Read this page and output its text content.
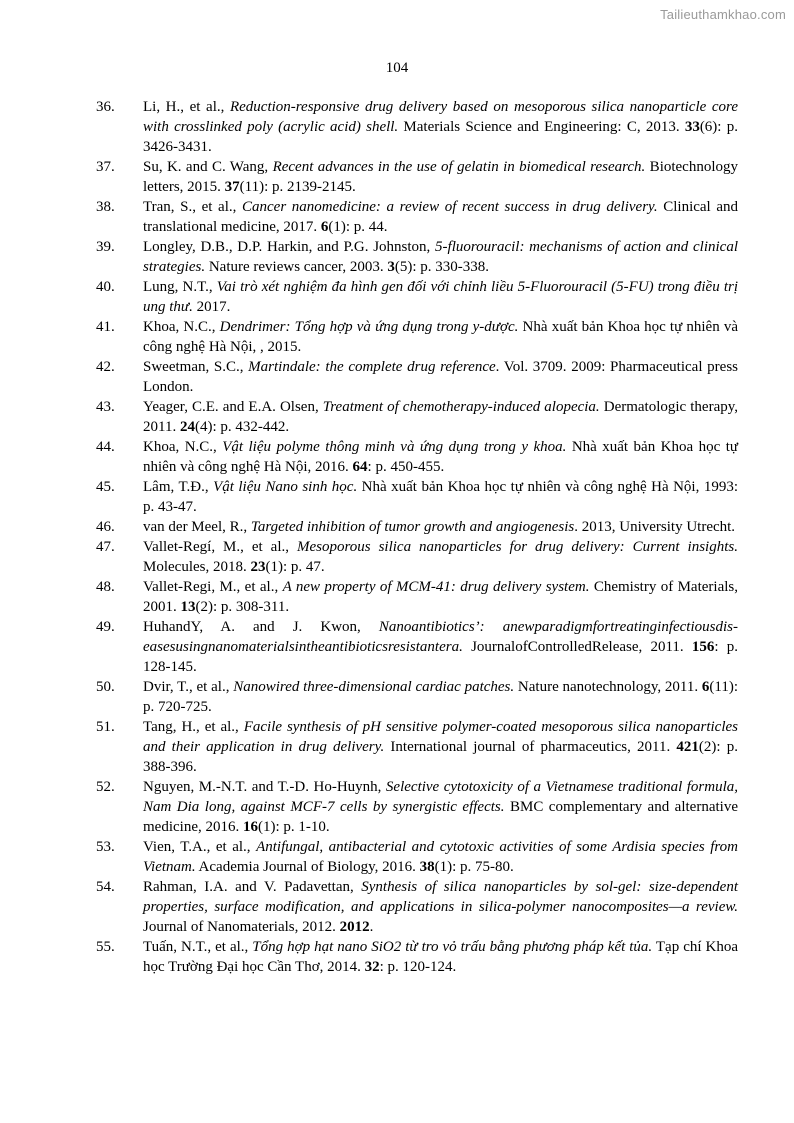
Tailieuthamkhao.com
104
36.	Li, H., et al., Reduction-responsive drug delivery based on mesoporous silica nanoparticle core with crosslinked poly (acrylic acid) shell. Materials Science and Engineering: C, 2013. 33(6): p. 3426-3431.
37.	Su, K. and C. Wang, Recent advances in the use of gelatin in biomedical research. Biotechnology letters, 2015. 37(11): p. 2139-2145.
38.	Tran, S., et al., Cancer nanomedicine: a review of recent success in drug delivery. Clinical and translational medicine, 2017. 6(1): p. 44.
39.	Longley, D.B., D.P. Harkin, and P.G. Johnston, 5-fluorouracil: mechanisms of action and clinical strategies. Nature reviews cancer, 2003. 3(5): p. 330-338.
40.	Lung, N.T., Vai trò xét nghiệm đa hình gen đối với chỉnh liều 5-Fluorouracil (5-FU) trong điều trị ung thư. 2017.
41.	Khoa, N.C., Dendrimer: Tổng hợp và ứng dụng trong y-dược. Nhà xuất bản Khoa học tự nhiên và công nghệ Hà Nội, , 2015.
42.	Sweetman, S.C., Martindale: the complete drug reference. Vol. 3709. 2009: Pharmaceutical press London.
43.	Yeager, C.E. and E.A. Olsen, Treatment of chemotherapy-induced alopecia. Dermatologic therapy, 2011. 24(4): p. 432-442.
44.	Khoa, N.C., Vật liệu polyme thông minh và ứng dụng trong y khoa. Nhà xuất bản Khoa học tự nhiên và công nghệ Hà Nội, 2016. 64: p. 450-455.
45.	Lâm, T.Đ., Vật liệu Nano sinh học. Nhà xuất bản Khoa học tự nhiên và công nghệ Hà Nội, 1993: p. 43-47.
46.	van der Meel, R., Targeted inhibition of tumor growth and angiogenesis. 2013, University Utrecht.
47.	Vallet-Regí, M., et al., Mesoporous silica nanoparticles for drug delivery: Current insights. Molecules, 2018. 23(1): p. 47.
48.	Vallet-Regi, M., et al., A new property of MCM-41: drug delivery system. Chemistry of Materials, 2001. 13(2): p. 308-311.
49.	HuhandY, A. and J. Kwon, Nanoantibiotics’: anewparadigmfortreatinginfectiousdis-easesusingnanomaterialsintheantibioticsresistantera. JournalofControlledRelease, 2011. 156: p. 128-145.
50.	Dvir, T., et al., Nanowired three-dimensional cardiac patches. Nature nanotechnology, 2011. 6(11): p. 720-725.
51.	Tang, H., et al., Facile synthesis of pH sensitive polymer-coated mesoporous silica nanoparticles and their application in drug delivery. International journal of pharmaceutics, 2011. 421(2): p. 388-396.
52.	Nguyen, M.-N.T. and T.-D. Ho-Huynh, Selective cytotoxicity of a Vietnamese traditional formula, Nam Dia long, against MCF-7 cells by synergistic effects. BMC complementary and alternative medicine, 2016. 16(1): p. 1-10.
53.	Vien, T.A., et al., Antifungal, antibacterial and cytotoxic activities of some Ardisia species from Vietnam. Academia Journal of Biology, 2016. 38(1): p. 75-80.
54.	Rahman, I.A. and V. Padavettan, Synthesis of silica nanoparticles by sol-gel: size-dependent properties, surface modification, and applications in silica-polymer nanocomposites—a review. Journal of Nanomaterials, 2012. 2012.
55.	Tuấn, N.T., et al., Tổng hợp hạt nano SiO2 từ tro vỏ trấu bằng phương pháp kết tủa. Tạp chí Khoa học Trường Đại học Cần Thơ, 2014. 32: p. 120-124.
